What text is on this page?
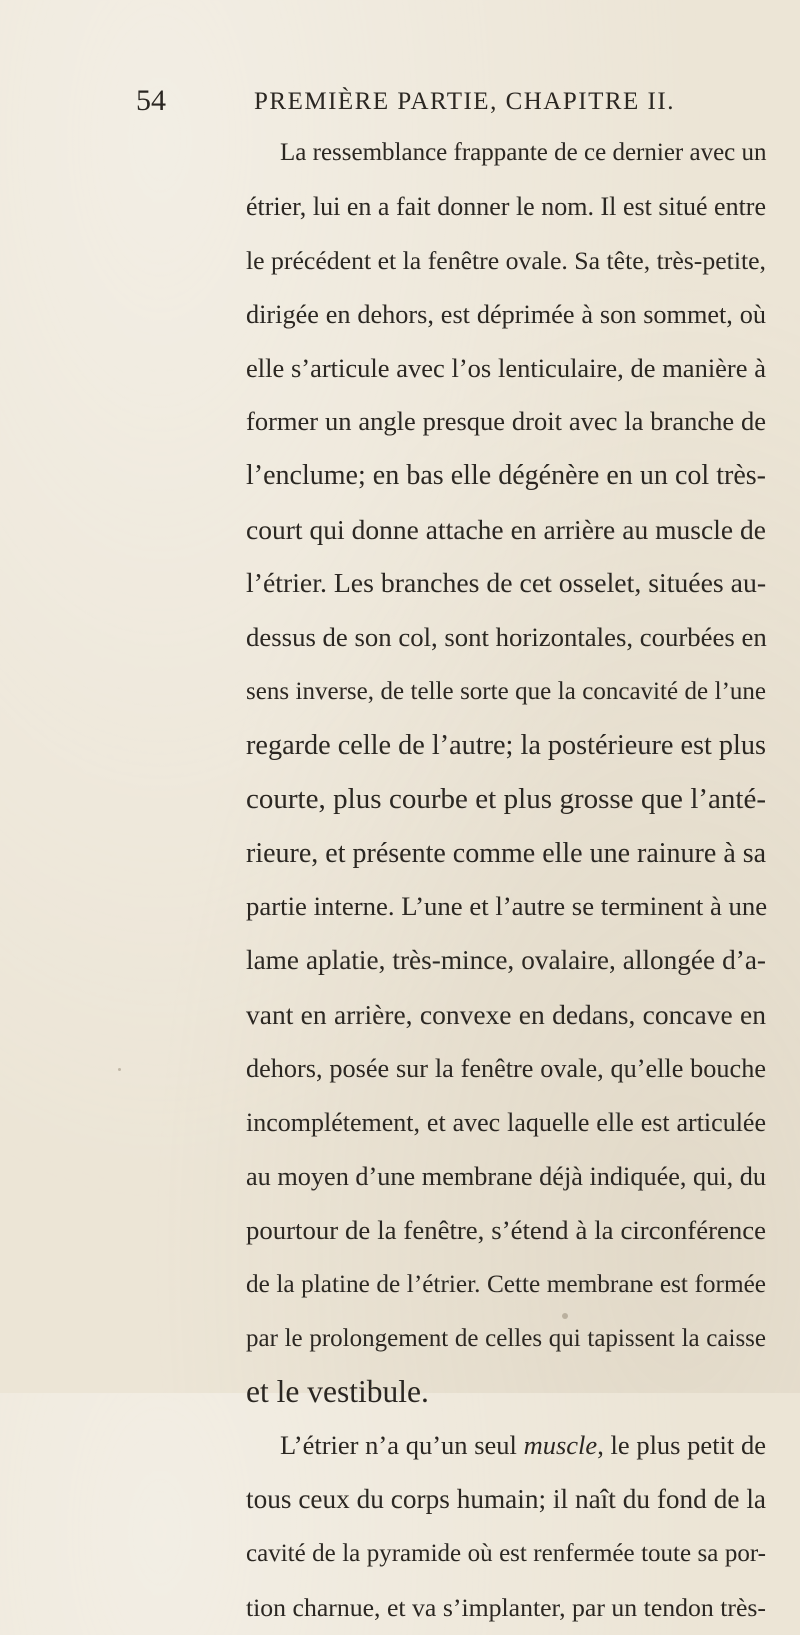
54	PREMIÈRE PARTIE, CHAPITRE II.
La ressemblance frappante de ce dernier avec un
étrier, lui en a fait donner le nom. Il est situé entre
le précédent et la fenêtre ovale. Sa tête, très-petite,
dirigée en dehors, est déprimée à son sommet, où
elle s’articule avec l’os lenticulaire, de manière à
former un angle presque droit avec la branche de
l’enclume; en bas elle dégénère en un col très-
court qui donne attache en arrière au muscle de
l’étrier. Les branches de cet osselet, situées au-
dessus de son col, sont horizontales, courbées en
sens inverse, de telle sorte que la concavité de l’une
regarde celle de l’autre; la postérieure est plus
courte, plus courbe et plus grosse que l’anté-
rieure, et présente comme elle une rainure à sa
partie interne. L’une et l’autre se terminent à une
lame aplatie, très-mince, ovalaire, allongée d’a-
vant en arrière, convexe en dedans, concave en
dehors, posée sur la fenêtre ovale, qu’elle bouche
incomplétement, et avec laquelle elle est articulée
au moyen d’une membrane déjà indiquée, qui, du
pourtour de la fenêtre, s’étend à la circonférence
de la platine de l’étrier. Cette membrane est formée
par le prolongement de celles qui tapissent la caisse
et le vestibule.
L’étrier n’a qu’un seul muscle, le plus petit de
tous ceux du corps humain; il naît du fond de la
cavité de la pyramide où est renfermée toute sa por-
tion charnue, et va s’implanter, par un tendon très-
